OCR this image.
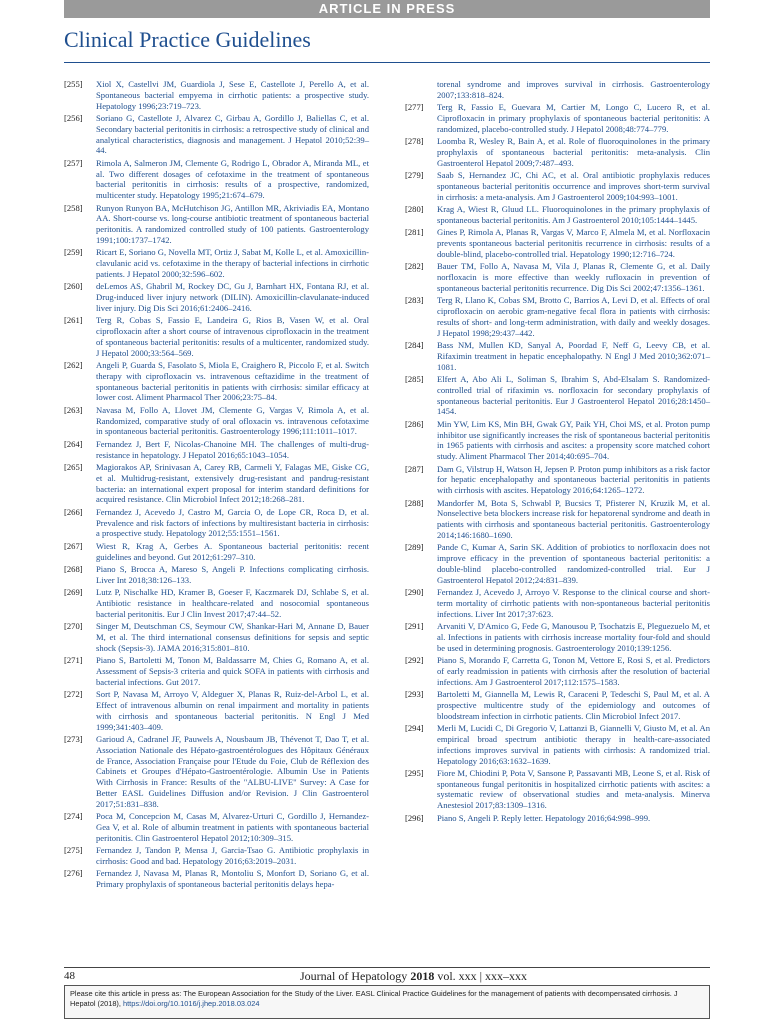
ARTICLE IN PRESS
Clinical Practice Guidelines
[255]	Xiol X, Castellvi JM, Guardiola J, Sese E, Castellote J, Perello A, et al. Spontaneous bacterial empyema in cirrhotic patients: a prospective study. Hepatology 1996;23:719–723.
[256]	Soriano G, Castellote J, Alvarez C, Girbau A, Gordillo J, Baliellas C, et al. Secondary bacterial peritonitis in cirrhosis: a retrospective study of clinical and analytical characteristics, diagnosis and management. J Hepatol 2010;52:39–44.
[257]	Rimola A, Salmeron JM, Clemente G, Rodrigo L, Obrador A, Miranda ML, et al. Two different dosages of cefotaxime in the treatment of spontaneous bacterial peritonitis in cirrhosis: results of a prospective, randomized, multicenter study. Hepatology 1995;21:674–679.
[258]	Runyon Runyon BA, McHutchison JG, Antillon MR, Akriviadis EA, Montano AA. Short-course vs. long-course antibiotic treatment of spontaneous bacterial peritonitis. A randomized controlled study of 100 patients. Gastroenterology 1991;100:1737–1742.
[259]	Ricart E, Soriano G, Novella MT, Ortiz J, Sabat M, Kolle L, et al. Amoxicillin-clavulanic acid vs. cefotaxime in the therapy of bacterial infections in cirrhotic patients. J Hepatol 2000;32:596–602.
[260]	deLemos AS, Ghabril M, Rockey DC, Gu J, Barnhart HX, Fontana RJ, et al. Drug-induced liver injury network (DILIN). Amoxicillin-clavulanate-induced liver injury. Dig Dis Sci 2016;61:2406–2416.
[261]	Terg R, Cobas S, Fassio E, Landeira G, Rios B, Vasen W, et al. Oral ciprofloxacin after a short course of intravenous ciprofloxacin in the treatment of spontaneous bacterial peritonitis: results of a multicenter, randomized study. J Hepatol 2000;33:564–569.
[262]	Angeli P, Guarda S, Fasolato S, Miola E, Craighero R, Piccolo F, et al. Switch therapy with ciprofloxacin vs. intravenous ceftazidime in the treatment of spontaneous bacterial peritonitis in patients with cirrhosis: similar efficacy at lower cost. Aliment Pharmacol Ther 2006;23:75–84.
[263]	Navasa M, Follo A, Llovet JM, Clemente G, Vargas V, Rimola A, et al. Randomized, comparative study of oral ofloxacin vs. intravenous cefotaxime in spontaneous bacterial peritonitis. Gastroenterology 1996;111:1011–1017.
[264]	Fernandez J, Bert F, Nicolas-Chanoine MH. The challenges of multi-drug-resistance in hepatology. J Hepatol 2016;65:1043–1054.
[265]	Magiorakos AP, Srinivasan A, Carey RB, Carmeli Y, Falagas ME, Giske CG, et al. Multidrug-resistant, extensively drug-resistant and pandrug-resistant bacteria: an international expert proposal for interim standard definitions for acquired resistance. Clin Microbiol Infect 2012;18:268–281.
[266]	Fernandez J, Acevedo J, Castro M, Garcia O, de Lope CR, Roca D, et al. Prevalence and risk factors of infections by multiresistant bacteria in cirrhosis: a prospective study. Hepatology 2012;55:1551–1561.
[267]	Wiest R, Krag A, Gerbes A. Spontaneous bacterial peritonitis: recent guidelines and beyond. Gut 2012;61:297–310.
[268]	Piano S, Brocca A, Mareso S, Angeli P. Infections complicating cirrhosis. Liver Int 2018;38:126–133.
[269]	Lutz P, Nischalke HD, Kramer B, Goeser F, Kaczmarek DJ, Schlabe S, et al. Antibiotic resistance in healthcare-related and nosocomial spontaneous bacterial peritonitis. Eur J Clin Invest 2017;47:44–52.
[270]	Singer M, Deutschman CS, Seymour CW, Shankar-Hari M, Annane D, Bauer M, et al. The third international consensus definitions for sepsis and septic shock (Sepsis-3). JAMA 2016;315:801–810.
[271]	Piano S, Bartoletti M, Tonon M, Baldassarre M, Chies G, Romano A, et al. Assessment of Sepsis-3 criteria and quick SOFA in patients with cirrhosis and bacterial infections. Gut 2017.
[272]	Sort P, Navasa M, Arroyo V, Aldeguer X, Planas R, Ruiz-del-Arbol L, et al. Effect of intravenous albumin on renal impairment and mortality in patients with cirrhosis and spontaneous bacterial peritonitis. N Engl J Med 1999;341:403–409.
[273]	Garioud A, Cadranel JF, Pauwels A, Nousbaum JB, Thévenot T, Dao T, et al. Association Nationale des Hépato-gastroentérologues des Hôpitaux Généraux de France, Association Française pour l'Etude du Foie, Club de Réflexion des Cabinets et Groupes d'Hépato-Gastroentérologie. Albumin Use in Patients With Cirrhosis in France: Results of the "ALBU-LIVE" Survey: A Case for Better EASL Guidelines Diffusion and/or Revision. J Clin Gastroenterol 2017;51:831–838.
[274]	Poca M, Concepcion M, Casas M, Alvarez-Urturi C, Gordillo J, Hernandez-Gea V, et al. Role of albumin treatment in patients with spontaneous bacterial peritonitis. Clin Gastroenterol Hepatol 2012;10:309–315.
[275]	Fernandez J, Tandon P, Mensa J, Garcia-Tsao G. Antibiotic prophylaxis in cirrhosis: Good and bad. Hepatology 2016;63:2019–2031.
[276]	Fernandez J, Navasa M, Planas R, Montoliu S, Monfort D, Soriano G, et al. Primary prophylaxis of spontaneous bacterial peritonitis delays hepa-
torenal syndrome and improves survival in cirrhosis. Gastroenterology 2007;133:818–824.
[277]	Terg R, Fassio E, Guevara M, Cartier M, Longo C, Lucero R, et al. Ciprofloxacin in primary prophylaxis of spontaneous bacterial peritonitis: A randomized, placebo-controlled study. J Hepatol 2008;48:774–779.
[278]	Loomba R, Wesley R, Bain A, et al. Role of fluoroquinolones in the primary prophylaxis of spontaneous bacterial peritonitis: meta-analysis. Clin Gastroenterol Hepatol 2009;7:487–493.
[279]	Saab S, Hernandez JC, Chi AC, et al. Oral antibiotic prophylaxis reduces spontaneous bacterial peritonitis occurrence and improves short-term survival in cirrhosis: a meta-analysis. Am J Gastroenterol 2009;104:993–1001.
[280]	Krag A, Wiest R, Gluud LL. Fluoroquinolones in the primary prophylaxis of spontaneous bacterial peritonitis. Am J Gastroenterol 2010;105:1444–1445.
[281]	Gines P, Rimola A, Planas R, Vargas V, Marco F, Almela M, et al. Norfloxacin prevents spontaneous bacterial peritonitis recurrence in cirrhosis: results of a double-blind, placebo-controlled trial. Hepatology 1990;12:716–724.
[282]	Bauer TM, Follo A, Navasa M, Vila J, Planas R, Clemente G, et al. Daily norfloxacin is more effective than weekly rufloxacin in prevention of spontaneous bacterial peritonitis recurrence. Dig Dis Sci 2002;47:1356–1361.
[283]	Terg R, Llano K, Cobas SM, Brotto C, Barrios A, Levi D, et al. Effects of oral ciprofloxacin on aerobic gram-negative fecal flora in patients with cirrhosis: results of short- and long-term administration, with daily and weekly dosages. J Hepatol 1998;29:437–442.
[284]	Bass NM, Mullen KD, Sanyal A, Poordad F, Neff G, Leevy CB, et al. Rifaximin treatment in hepatic encephalopathy. N Engl J Med 2010;362:071–1081.
[285]	Elfert A, Abo Ali L, Soliman S, Ibrahim S, Abd-Elsalam S. Randomized-controlled trial of rifaximin vs. norfloxacin for secondary prophylaxis of spontaneous bacterial peritonitis. Eur J Gastroenterol Hepatol 2016;28:1450–1454.
[286]	Min YW, Lim KS, Min BH, Gwak GY, Paik YH, Choi MS, et al. Proton pump inhibitor use significantly increases the risk of spontaneous bacterial peritonitis in 1965 patients with cirrhosis and ascites: a propensity score matched cohort study. Aliment Pharmacol Ther 2014;40:695–704.
[287]	Dam G, Vilstrup H, Watson H, Jepsen P. Proton pump inhibitors as a risk factor for hepatic encephalopathy and spontaneous bacterial peritonitis in patients with cirrhosis with ascites. Hepatology 2016;64:1265–1272.
[288]	Mandorfer M, Bota S, Schwabl P, Bucsics T, Pfisterer N, Kruzik M, et al. Nonselective beta blockers increase risk for hepatorenal syndrome and death in patients with cirrhosis and spontaneous bacterial peritonitis. Gastroenterology 2014;146:1680–1690.
[289]	Pande C, Kumar A, Sarin SK. Addition of probiotics to norfloxacin does not improve efficacy in the prevention of spontaneous bacterial peritonitis: a double-blind placebo-controlled randomized-controlled trial. Eur J Gastroenterol Hepatol 2012;24:831–839.
[290]	Fernandez J, Acevedo J, Arroyo V. Response to the clinical course and short-term mortality of cirrhotic patients with non-spontaneous bacterial peritonitis infections. Liver Int 2017;37:623.
[291]	Arvaniti V, D'Amico G, Fede G, Manousou P, Tsochatzis E, Pleguezuelo M, et al. Infections in patients with cirrhosis increase mortality four-fold and should be used in determining prognosis. Gastroenterology 2010;139:1256.
[292]	Piano S, Morando F, Carretta G, Tonon M, Vettore E, Rosi S, et al. Predictors of early readmission in patients with cirrhosis after the resolution of bacterial infections. Am J Gastroenterol 2017;112:1575–1583.
[293]	Bartoletti M, Giannella M, Lewis R, Caraceni P, Tedeschi S, Paul M, et al. A prospective multicentre study of the epidemiology and outcomes of bloodstream infection in cirrhotic patients. Clin Microbiol Infect 2017.
[294]	Merli M, Lucidi C, Di Gregorio V, Lattanzi B, Giannelli V, Giusto M, et al. An empirical broad spectrum antibiotic therapy in health-care-associated infections improves survival in patients with cirrhosis: A randomized trial. Hepatology 2016;63:1632–1639.
[295]	Fiore M, Chiodini P, Pota V, Sansone P, Passavanti MB, Leone S, et al. Risk of spontaneous fungal peritonitis in hospitalized cirrhotic patients with ascites: a systematic review of observational studies and meta-analysis. Minerva Anestesiol 2017;83:1309–1316.
[296]	Piano S, Angeli P. Reply letter. Hepatology 2016;64:998–999.
48	Journal of Hepatology 2018 vol. xxx | xxx–xxx
Please cite this article in press as: The European Association for the Study of the Liver. EASL Clinical Practice Guidelines for the management of patients with decompensated cirrhosis. J Hepatol (2018), https://doi.org/10.1016/j.jhep.2018.03.024
